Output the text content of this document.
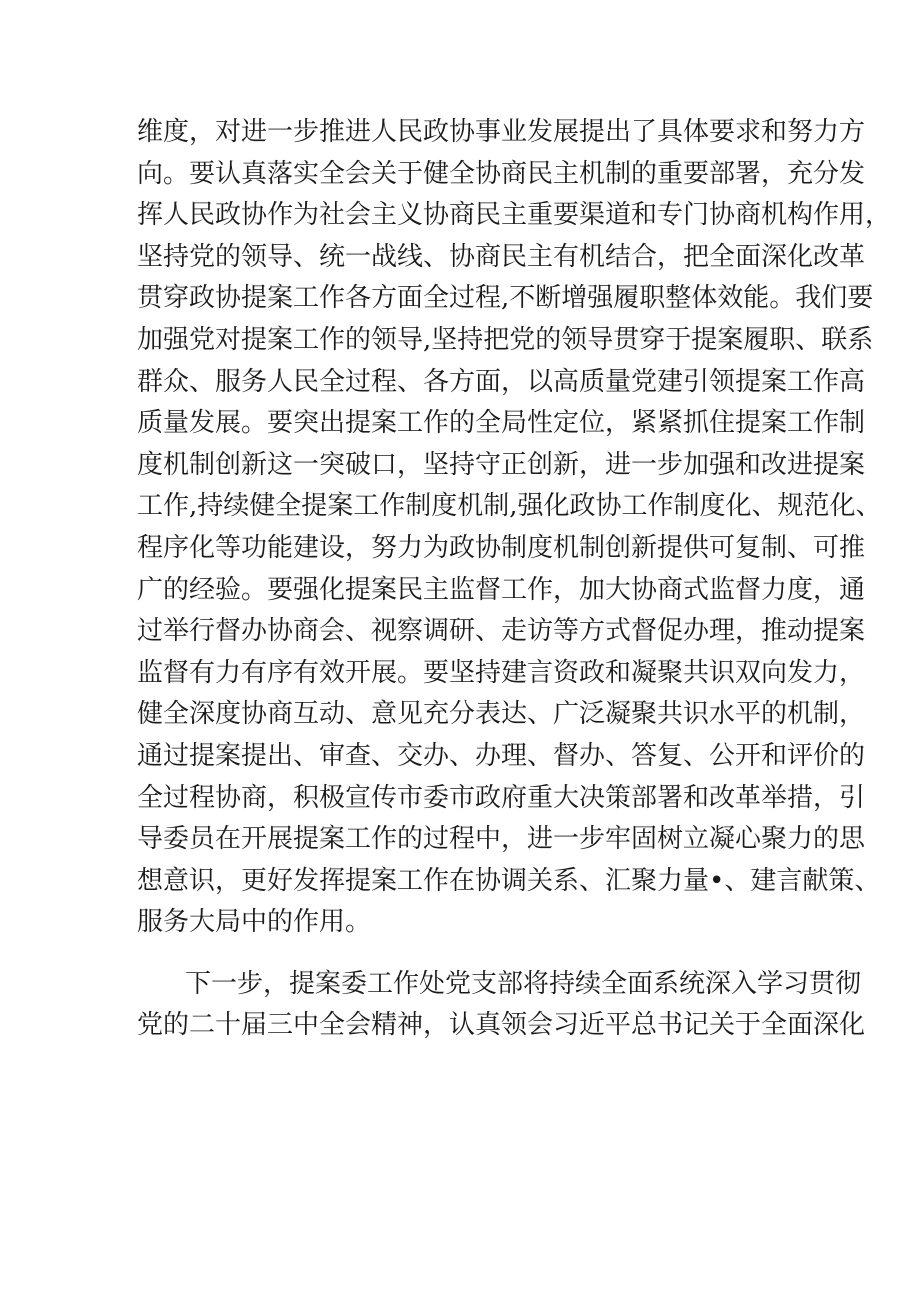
维度，对进一步推进人民政协事业发展提出了具体要求和努力方
向。要认真落实全会关于健全协商民主机制的重要部署，充分发
挥人民政协作为社会主义协商民主重要渠道和专门协商机构作用，
坚持党的领导、统一战线、协商民主有机结合，把全面深化改革
贯穿政协提案工作各方面全过程,不断增强履职整体效能。我们要
加强党对提案工作的领导,坚持把党的领导贯穿于提案履职、联系
群众、服务人民全过程、各方面，以高质量党建引领提案工作高
质量发展。要突出提案工作的全局性定位，紧紧抓住提案工作制
度机制创新这一突破口，坚持守正创新，进一步加强和改进提案
工作,持续健全提案工作制度机制,强化政协工作制度化、规范化、
程序化等功能建设，努力为政协制度机制创新提供可复制、可推
广的经验。要强化提案民主监督工作，加大协商式监督力度，通
过举行督办协商会、视察调研、走访等方式督促办理，推动提案
监督有力有序有效开展。要坚持建言资政和凝聚共识双向发力，
健全深度协商互动、意见充分表达、广泛凝聚共识水平的机制，
通过提案提出、审查、交办、办理、督办、答复、公开和评价的
全过程协商，积极宣传市委市政府重大决策部署和改革举措，引
导委员在开展提案工作的过程中，进一步牢固树立凝心聚力的思
想意识，更好发挥提案工作在协调关系、汇聚力量•、建言献策、
服务大局中的作用。
下一步，提案委工作处党支部将持续全面系统深入学习贯彻
党的二十届三中全会精神，认真领会习近平总书记关于全面深化
